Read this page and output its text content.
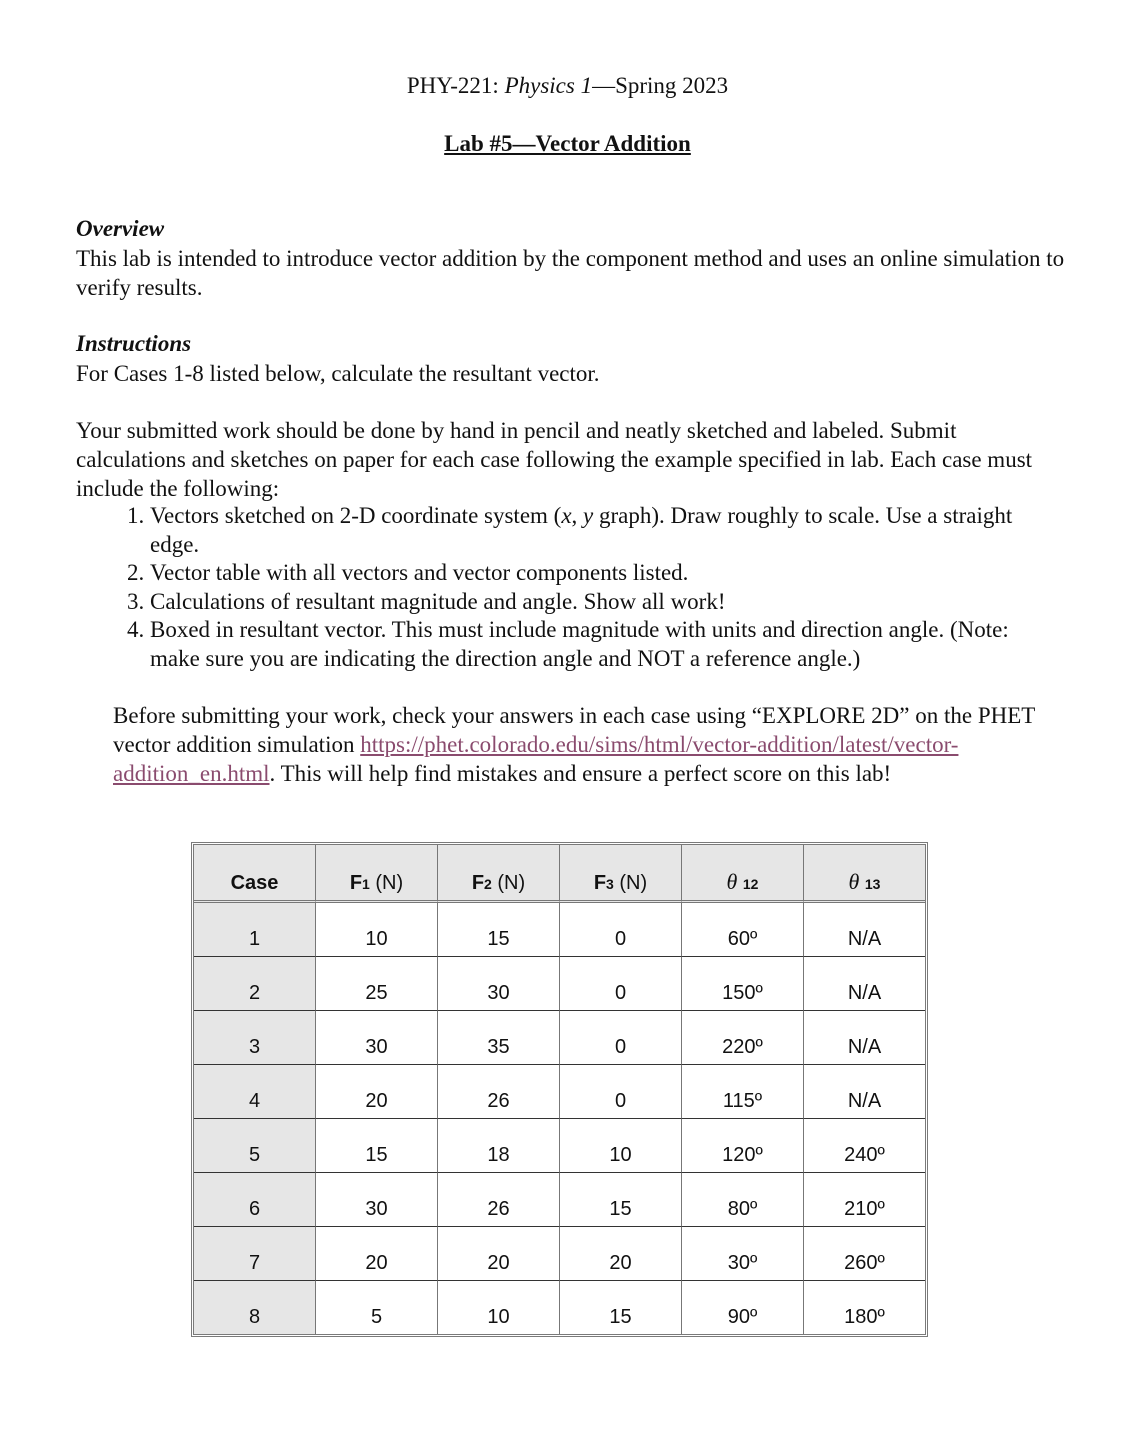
PHY-221: Physics 1—Spring 2023
Lab #5—Vector Addition
Overview
This lab is intended to introduce vector addition by the component method and uses an online simulation to verify results.
Instructions
For Cases 1-8 listed below, calculate the resultant vector.
Your submitted work should be done by hand in pencil and neatly sketched and labeled. Submit calculations and sketches on paper for each case following the example specified in lab. Each case must include the following:
1. Vectors sketched on 2-D coordinate system (x, y graph). Draw roughly to scale. Use a straight edge.
2. Vector table with all vectors and vector components listed.
3. Calculations of resultant magnitude and angle. Show all work!
4. Boxed in resultant vector. This must include magnitude with units and direction angle. (Note: make sure you are indicating the direction angle and NOT a reference angle.)
Before submitting your work, check your answers in each case using “EXPLORE 2D” on the PHET vector addition simulation https://phet.colorado.edu/sims/html/vector-addition/latest/vector-addition_en.html. This will help find mistakes and ensure a perfect score on this lab!
Case	F1 (N)	F2 (N)	F3 (N)	θ 12	θ 13
1	10	15	0	60º	N/A
2	25	30	0	150º	N/A
3	30	35	0	220º	N/A
4	20	26	0	115º	N/A
5	15	18	10	120º	240º
6	30	26	15	80º	210º
7	20	20	20	30º	260º
8	5	10	15	90º	180º
